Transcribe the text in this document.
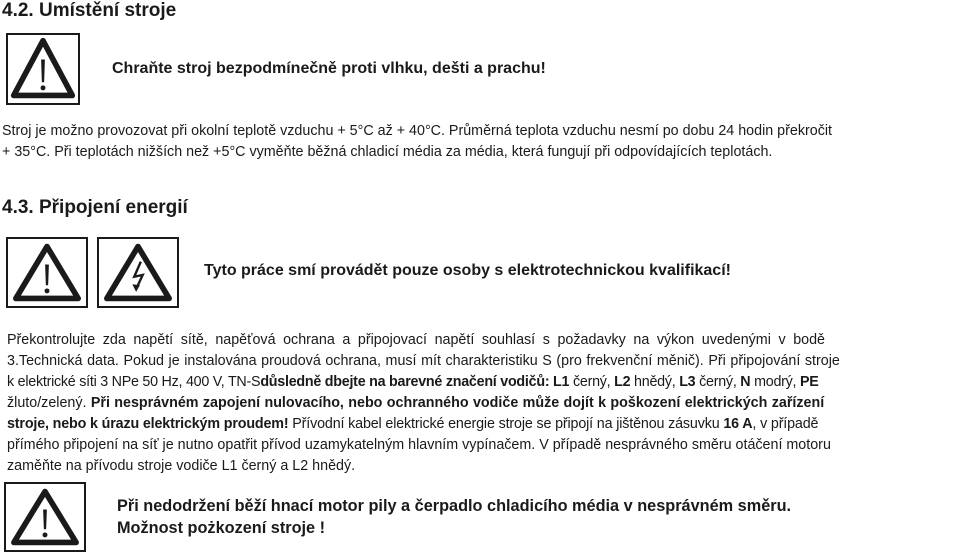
4.2. Umístění stroje
Chraňte stroj bezpodmínečně proti vlhku, dešti a prachu!
Stroj je možno provozovat při okolní teplotě vzduchu + 5°C až + 40°C. Průměrná teplota vzduchu nesmí po dobu 24 hodin překročit
+ 35°C. Při teplotách nižších než +5°C vyměňte běžná chladicí média za média, která fungují při odpovídajících teplotách.
4.3. Připojení energií
Tyto práce smí provádět pouze osoby s elektrotechnickou kvalifikací!
Překontrolujte zda napětí sítě, napěťová ochrana a připojovací napětí souhlasí s požadavky na výkon uvedenými v bodě
3.Technická data. Pokud je instalována proudová ochrana, musí mít charakteristiku S (pro frekvenční měnič). Při připojování stroje
k elektrické síti 3 NPe 50 Hz, 400 V, TN-Sdůsledně dbejte na barevné značení vodičů: L1 černý, L2 hnědý, L3 černý, N modrý, PE
žluto/zelený. Při nesprávném zapojení nulovacího, nebo ochranného vodiče může dojít k poškození elektrických zařízení
stroje, nebo k úrazu elektrickým proudem! Přívodní kabel elektrické energie stroje se připojí na jištěnou zásuvku 16 A, v případě
přímého připojení na síť je nutno opatřit přívod uzamykatelným hlavním vypínačem. V případě nesprávného směru otáčení motoru
zaměňte na přívodu stroje vodiče L1 černý a L2 hnědý.
Při nedodržení běží hnací motor pily a čerpadlo chladicího média v nesprávném směru.
Možnost pożkození stroje !
